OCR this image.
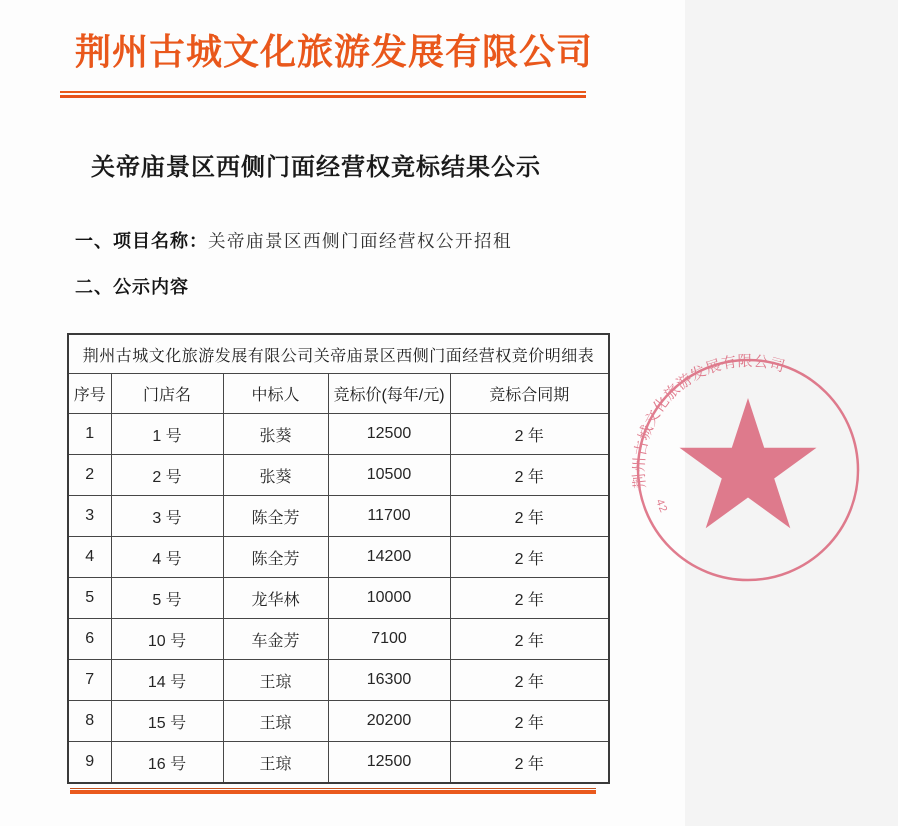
荆州古城文化旅游发展有限公司
关帝庙景区西侧门面经营权竞标结果公示
一、项目名称：关帝庙景区西侧门面经营权公开招租
二、公示内容
荆州古城文化旅游发展有限公司关帝庙景区西侧门面经营权竞价明细表				
序号	门店名	中标人	竞标价(每年/元)	竞标合同期
1	1 号	张葵	12500	2 年
2	2 号	张葵	10500	2 年
3	3 号	陈全芳	11700	2 年
4	4 号	陈全芳	14200	2 年
5	5 号	龙华林	10000	2 年
6	10 号	车金芳	7100	2 年
7	14 号	王琼	16300	2 年
8	15 号	王琼	20200	2 年
9	16 号	王琼	12500	2 年
荆州古城文化旅游发展有限公司
42
